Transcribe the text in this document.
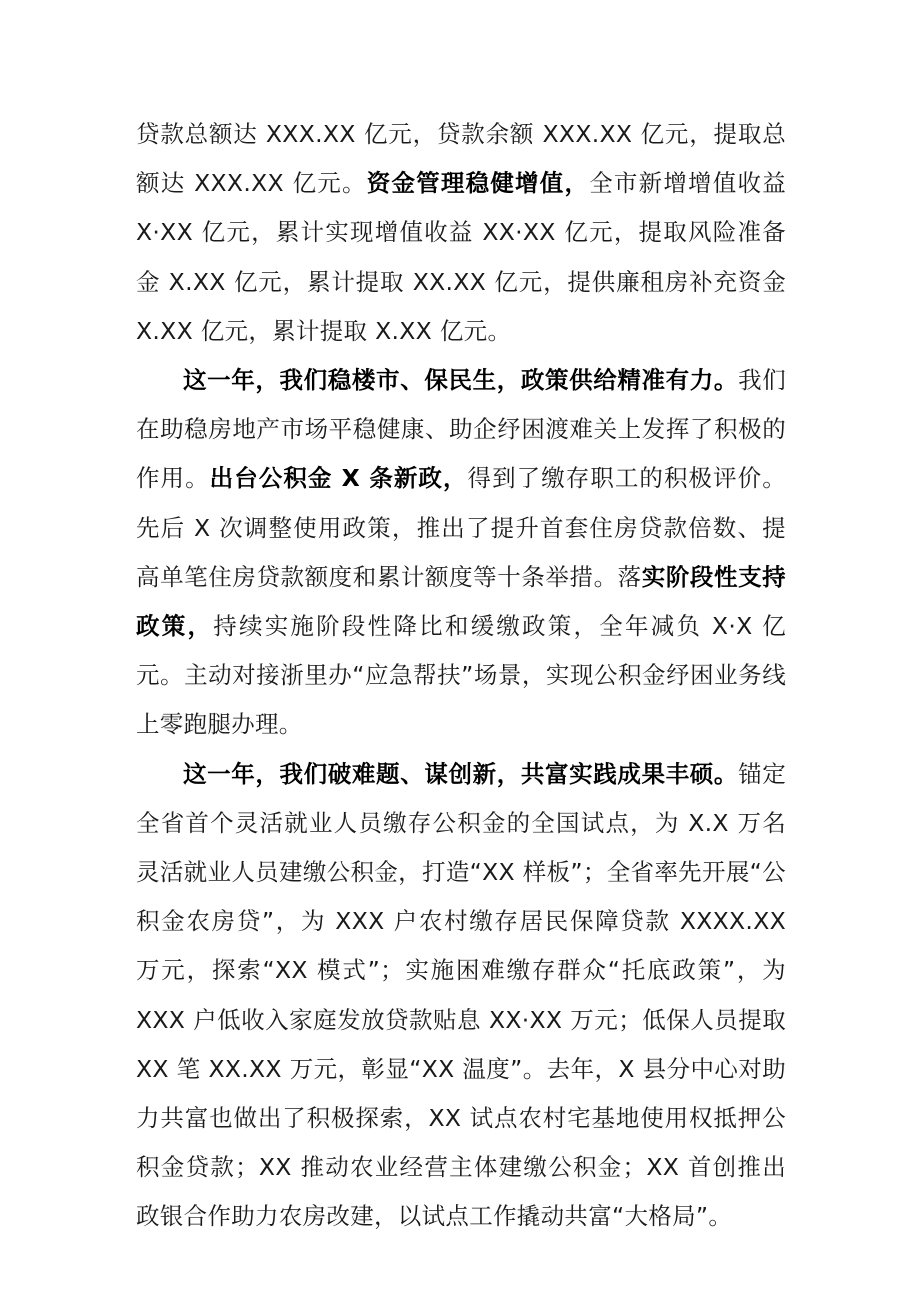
贷款总额达 XXX.XX 亿元，贷款余额 XXX.XX 亿元，提取总额达 XXX.XX 亿元。资金管理稳健增值，全市新增增值收益 X·XX 亿元，累计实现增值收益 XX·XX 亿元，提取风险准备金 X.XX 亿元，累计提取 XX.XX 亿元，提供廉租房补充资金 X.XX 亿元，累计提取 X.XX 亿元。

这一年，我们稳楼市、保民生，政策供给精准有力。我们在助稳房地产市场平稳健康、助企纾困渡难关上发挥了积极的作用。出台公积金 X 条新政，得到了缴存职工的积极评价。先后 X 次调整使用政策，推出了提升首套住房贷款倍数、提高单笔住房贷款额度和累计额度等十条举措。落实阶段性支持政策，持续实施阶段性降比和缓缴政策，全年减负 X·X 亿元。主动对接浙里办“应急帮扶”场景，实现公积金纾困业务线上零跑腿办理。

这一年，我们破难题、谋创新，共富实践成果丰硕。锚定全省首个灵活就业人员缴存公积金的全国试点，为 X.X 万名灵活就业人员建缴公积金，打造“XX 样板”；全省率先开展“公积金农房贷”，为 XXX 户农村缴存居民保障贷款 XXXX.XX 万元，探索“XX 模式”；实施困难缴存群众“托底政策”，为 XXX 户低收入家庭发放贷款贴息 XX·XX 万元；低保人员提取 XX 笔 XX.XX 万元，彰显“XX 温度”。去年，X 县分中心对助力共富也做出了积极探索，XX 试点农村宅基地使用权抵押公积金贷款；XX 推动农业经营主体建缴公积金；XX 首创推出政银合作助力农房改建，以试点工作撬动共富“大格局”。
